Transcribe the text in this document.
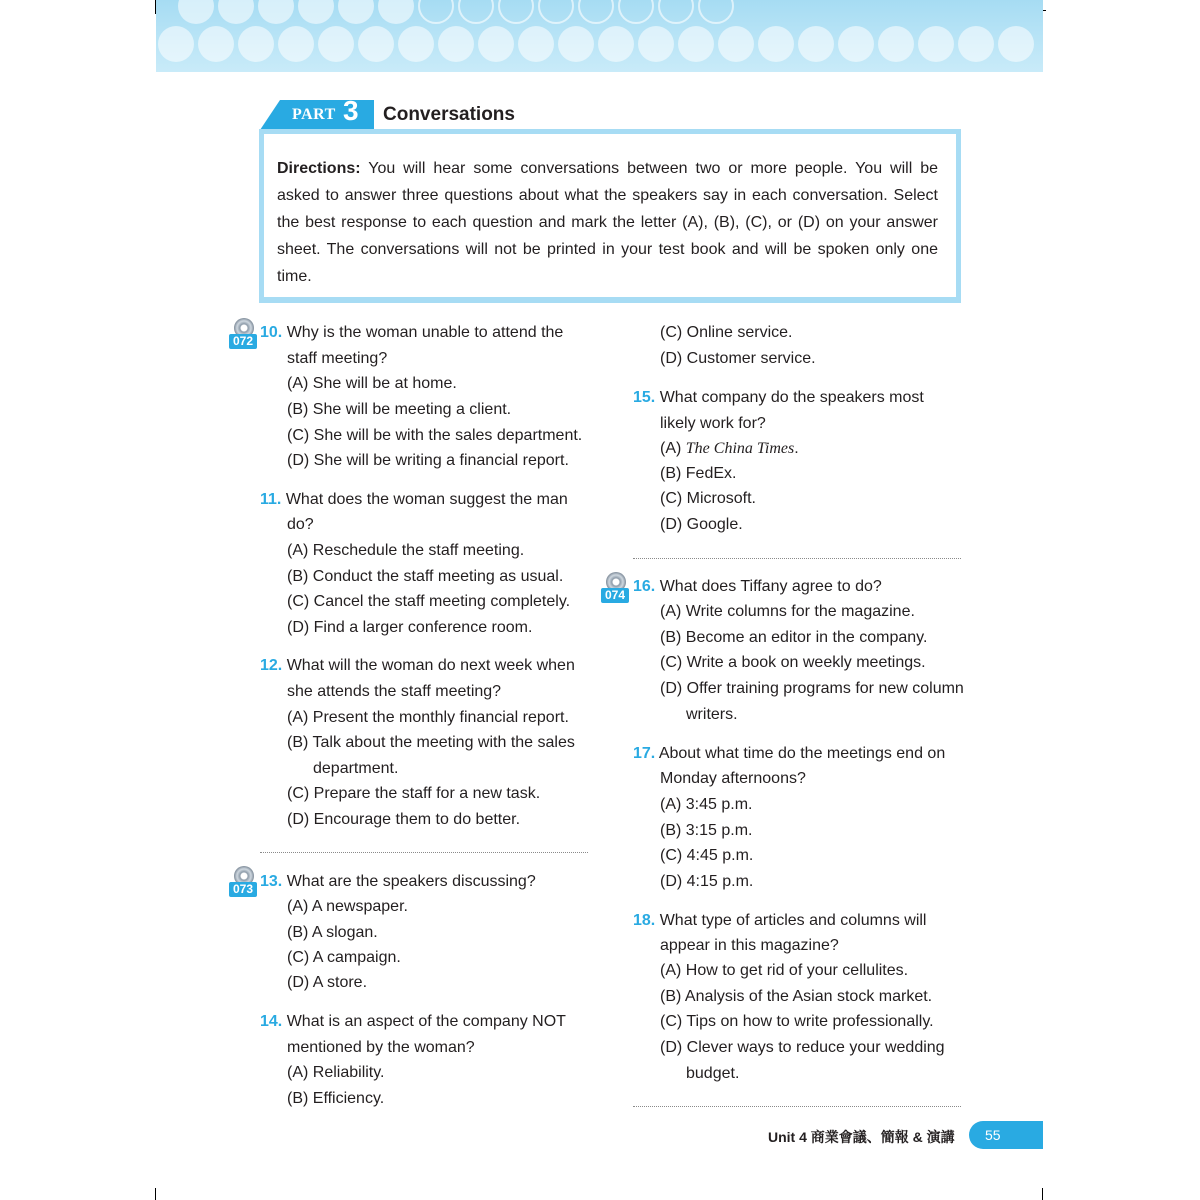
PART 3 Conversations
Directions: You will hear some conversations between two or more people. You will be asked to answer three questions about what the speakers say in each conversation. Select the best response to each question and mark the letter (A), (B), (C), or (D) on your answer sheet. The conversations will not be printed in your test book and will be spoken only one time.
072
073
074
10. Why is the woman unable to attend the
staff meeting?
(A) She will be at home.
(B) She will be meeting a client.
(C) She will be with the sales department.
(D) She will be writing a financial report.
11. What does the woman suggest the man
do?
(A) Reschedule the staff meeting.
(B) Conduct the staff meeting as usual.
(C) Cancel the staff meeting completely.
(D) Find a larger conference room.
12. What will the woman do next week when
she attends the staff meeting?
(A) Present the monthly financial report.
(B) Talk about the meeting with the sales
department.
(C) Prepare the staff for a new task.
(D) Encourage them to do better.
13. What are the speakers discussing?
(A) A newspaper.
(B) A slogan.
(C) A campaign.
(D) A store.
14. What is an aspect of the company NOT
mentioned by the woman?
(A) Reliability.
(B) Efficiency.
(C) Online service.
(D) Customer service.
15. What company do the speakers most
likely work for?
(A) The China Times.
(B) FedEx.
(C) Microsoft.
(D) Google.
16. What does Tiffany agree to do?
(A) Write columns for the magazine.
(B) Become an editor in the company.
(C) Write a book on weekly meetings.
(D) Offer training programs for new column
writers.
17. About what time do the meetings end on
Monday afternoons?
(A) 3:45 p.m.
(B) 3:15 p.m.
(C) 4:45 p.m.
(D) 4:15 p.m.
18. What type of articles and columns will
appear in this magazine?
(A) How to get rid of your cellulites.
(B) Analysis of the Asian stock market.
(C) Tips on how to write professionally.
(D) Clever ways to reduce your wedding
budget.
Unit 4 商業會議、簡報 & 演講 55
